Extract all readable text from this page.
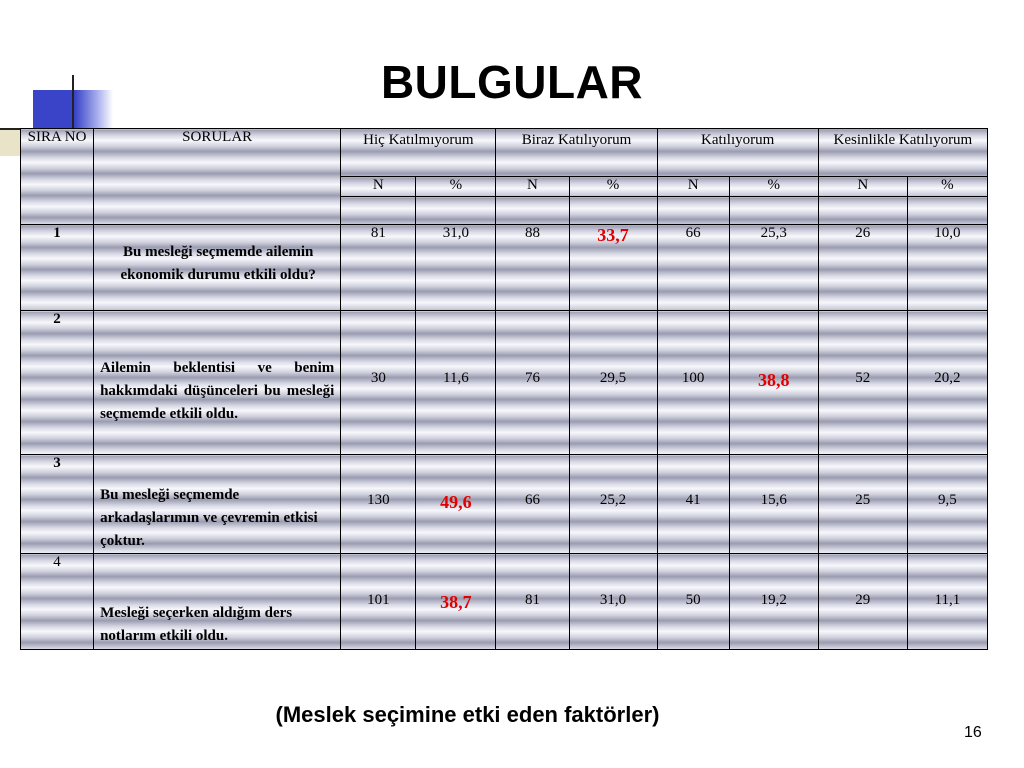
BULGULAR
SIRA NO	SORULAR	Hiç Katılmıyorum		Biraz Katılıyorum		Katılıyorum		Kesinlikle Katılıyorum	
		N	%	N	%	N	%	N	%

1	Bu mesleği seçmemde ailemin ekonomik durumu etkili oldu?	81	31,0	88	33,7	66	25,3	26	10,0
2	Ailemin beklentisi ve benim hakkımdaki düşünceleri bu mesleği seçmemde etkili oldu.	30	11,6	76	29,5	100	38,8	52	20,2
3	Bu mesleği seçmemde arkadaşlarımın ve çevremin etkisi çoktur.	130	49,6	66	25,2	41	15,6	25	9,5
4	Mesleği seçerken aldığım ders notlarım etkili oldu.	101	38,7	81	31,0	50	19,2	29	11,1
(Meslek seçimine etki eden faktörler)
16
